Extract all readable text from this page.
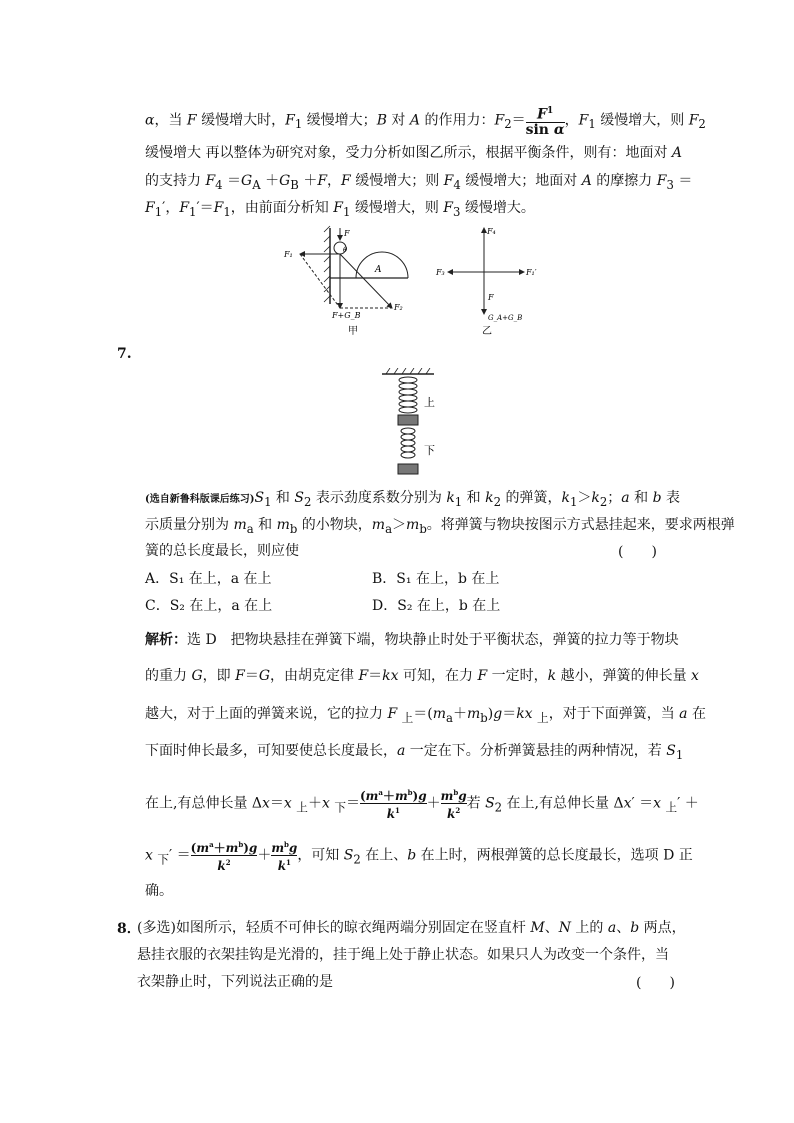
α，当 F 缓慢增大时，$F_1$ 缓慢增大；B 对 A 的作用力：$F_2= \frac{F^1}{\text{sin α}}$ ，$F_1$ 缓慢增大，则 $F_2$
缓慢增大 再以整体为研究对象，受力分析如图乙所示，根据平衡条件，则有：地面对 A
的支持力 $F_4 =G_A +G_B +F$，F 缓慢增大；则 $F_4$ 缓慢增大；地面对 A 的摩擦力 $F_3$ ＝
$F_1'$，$F_1'=F_1$，由前面分析知 $F_1$ 缓慢增大，则 $F_3$ 缓慢增大。
F
θ
A
F₁
F₂
F+G_B
甲
F₄
F₃	F₁′
F
G_A+G_B
乙
7.
上
下
(选自新鲁科版课后练习)$S_1$ 和 $S_2$ 表示劲度系数分别为 $k_1$ 和 $k_2$ 的弹簧，$k_1>k_2$；a 和 b 表
示质量分别为 $m_a$ 和 $m_b$ 的小物块，$m_a>m_b$。将弹簧与物块按图示方式悬挂起来，要求两根弹
簧的总长度最长，则应使	(　　)
A．S₁ 在上，a 在上	B．S₁ 在上，b 在上
C．S₂ 在上，a 在上	D．S₂ 在上，b 在上
解析：选 D　把物块悬挂在弹簧下端，物块静止时处于平衡状态，弹簧的拉力等于物块
的重力 G，即 F＝G，由胡克定律 F＝kx 可知，在力 F 一定时，k 越小，弹簧的伸长量 x
越大，对于上面的弹簧来说，它的拉力 F $_上=(m_a+m_b)g=kx$ $_上$，对于下面弹簧，当 a 在
下面时伸长最多，可知要使总长度最长，a 一定在下。分析弹簧悬挂的两种情况，若 $S_1$
在上,有总伸长量 Δx＝x $_上$＋x $_下= \frac{(m^a+m^b)g}{k^1} + m^bg$
$k^2$ 若 $S_2$ 在上,有总伸长量 Δx′ ＝x $_上$′ ＋
x $_下' = \frac{(m^a+m^b)g}{k^2} + m^bg$
$k^1$ ，可知 $S_2$ 在上、b 在上时，两根弹簧的总长度最长，选项 D 正
确。
8．
(多选)如图所示，轻质不可伸长的晾衣绳两端分别固定在竖直杆 M、N 上的 a、b 两点，
悬挂衣服的衣架挂钩是光滑的，挂于绳上处于静止状态。如果只人为改变一个条件，当
衣架静止时，下列说法正确的是	(　　)
